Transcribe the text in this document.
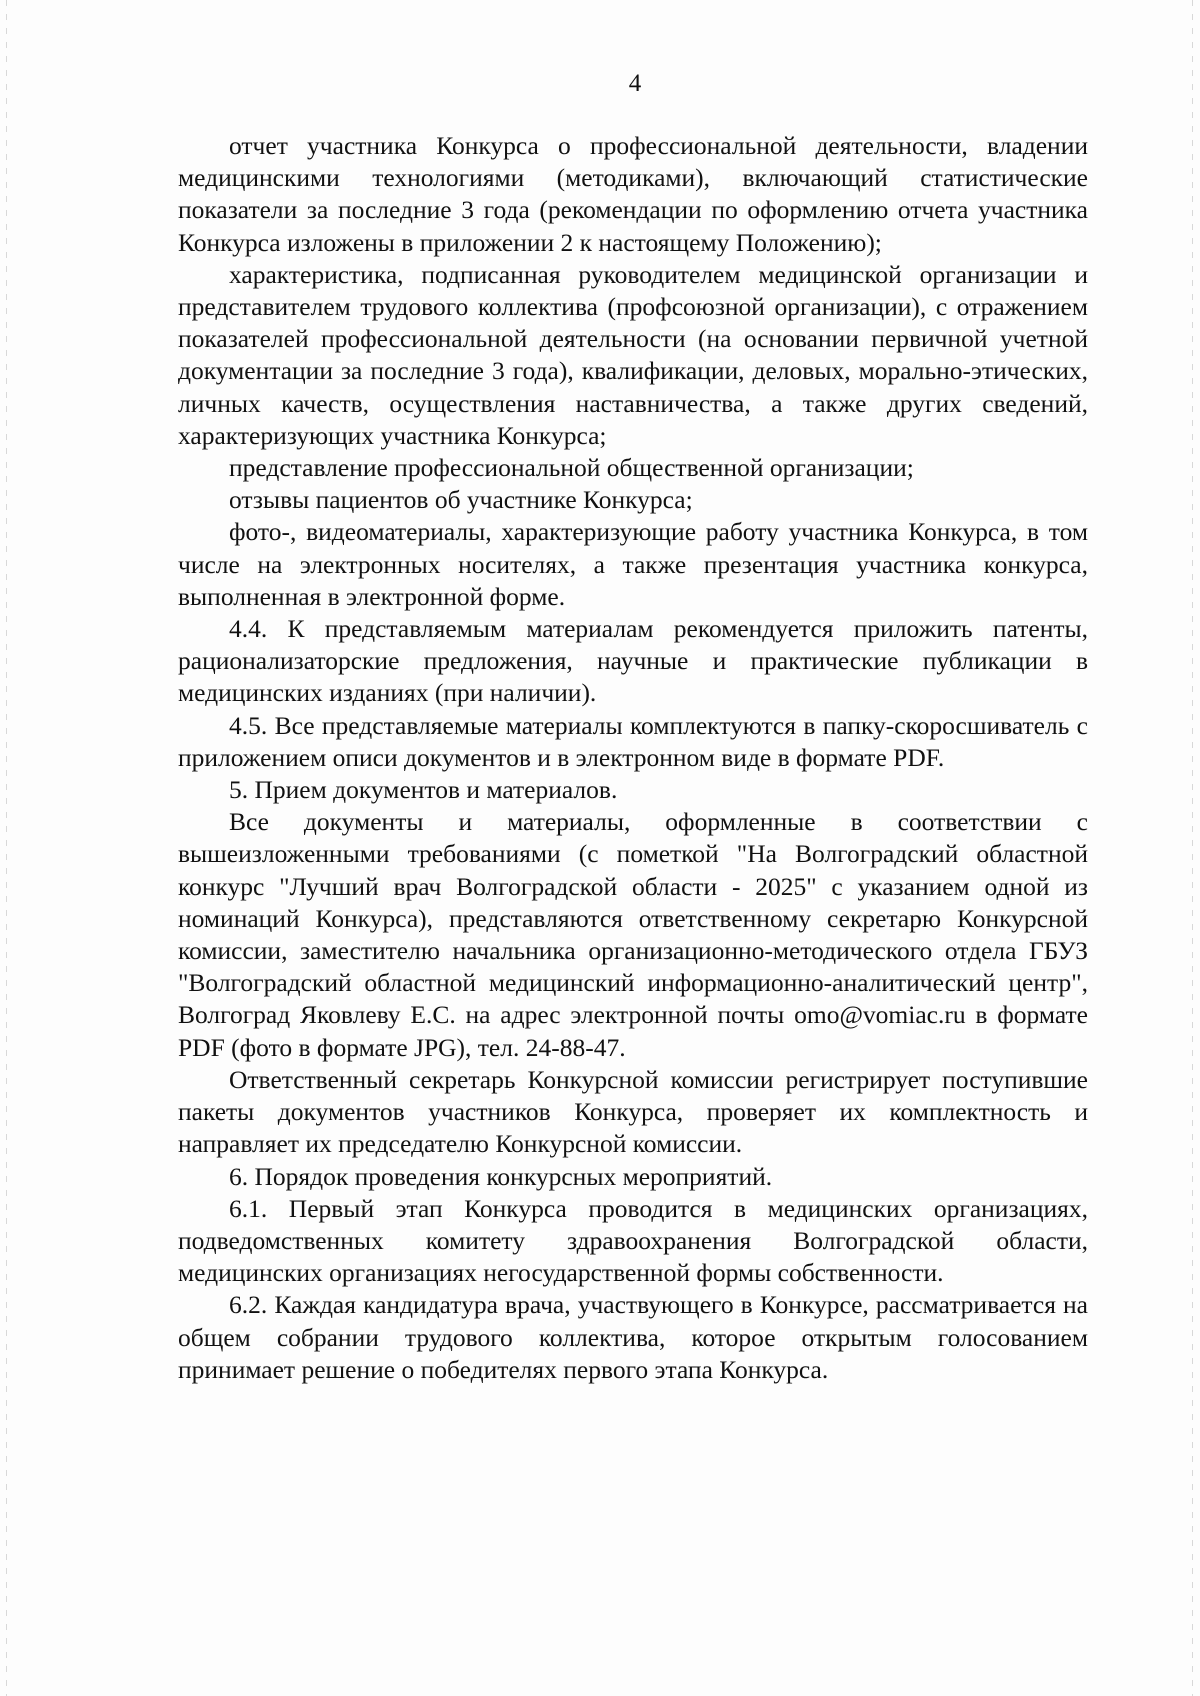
4

отчет участника Конкурса о профессиональной деятельности, владении медицинскими технологиями (методиками), включающий статистические показатели за последние 3 года (рекомендации по оформлению отчета участника Конкурса изложены в приложении 2 к настоящему Положению);

характеристика, подписанная руководителем медицинской организации и представителем трудового коллектива (профсоюзной организации), с отражением показателей профессиональной деятельности (на основании первичной учетной документации за последние 3 года), квалификации, деловых, морально-этических, личных качеств, осуществления наставничества, а также других сведений, характеризующих участника Конкурса;

представление профессиональной общественной организации;

отзывы пациентов об участнике Конкурса;

фото-, видеоматериалы, характеризующие работу участника Конкурса, в том числе на электронных носителях, а также презентация участника конкурса, выполненная в электронной форме.

4.4. К представляемым материалам рекомендуется приложить патенты, рационализаторские предложения, научные и практические публикации в медицинских изданиях (при наличии).

4.5. Все представляемые материалы комплектуются в папку-скоросшиватель с приложением описи документов и в электронном виде в формате PDF.

5. Прием документов и материалов.

Все документы и материалы, оформленные в соответствии с вышеизложенными требованиями (с пометкой "На Волгоградский областной конкурс "Лучший врач Волгоградской области - 2025" с указанием одной из номинаций Конкурса), представляются ответственному секретарю Конкурсной комиссии, заместителю начальника организационно-методического отдела ГБУЗ "Волгоградский областной медицинский информационно-аналитический центр", Волгоград Яковлеву Е.С. на адрес электронной почты omo@vomiac.ru в формате PDF (фото в формате JPG), тел. 24-88-47.

Ответственный секретарь Конкурсной комиссии регистрирует поступившие пакеты документов участников Конкурса, проверяет их комплектность и направляет их председателю Конкурсной комиссии.

6. Порядок проведения конкурсных мероприятий.

6.1. Первый этап Конкурса проводится в медицинских организациях, подведомственных комитету здравоохранения Волгоградской области, медицинских организациях негосударственной формы собственности.

6.2. Каждая кандидатура врача, участвующего в Конкурсе, рассматривается на общем собрании трудового коллектива, которое открытым голосованием принимает решение о победителях первого этапа Конкурса.
